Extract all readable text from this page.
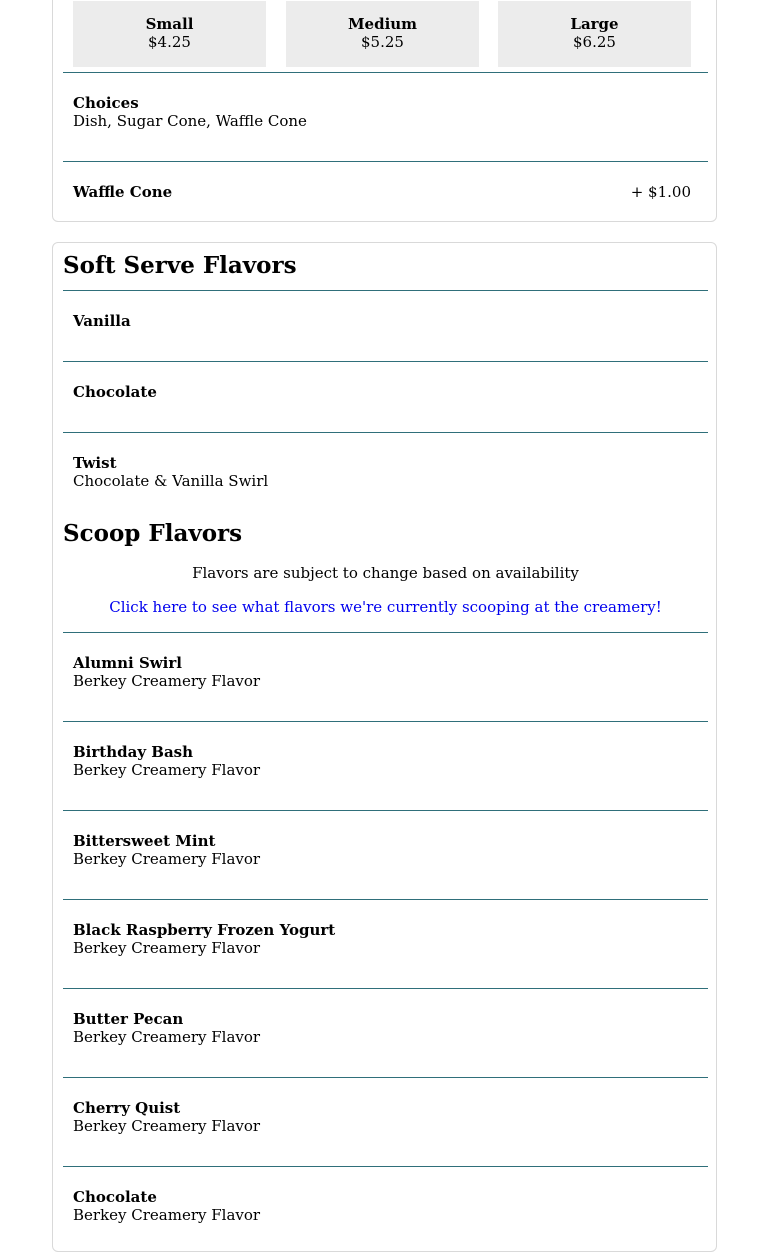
Small
$4.25
Medium
$5.25
Large
$6.25
Choices
Dish, Sugar Cone, Waffle Cone
Waffle Cone	+ $1.00
Soft Serve Flavors
Vanilla
Chocolate
Twist
Chocolate & Vanilla Swirl
Scoop Flavors
Flavors are subject to change based on availability
Click here to see what flavors we're currently scooping at the creamery!
Alumni Swirl
Berkey Creamery Flavor
Birthday Bash
Berkey Creamery Flavor
Bittersweet Mint
Berkey Creamery Flavor
Black Raspberry Frozen Yogurt
Berkey Creamery Flavor
Butter Pecan
Berkey Creamery Flavor
Cherry Quist
Berkey Creamery Flavor
Chocolate
Berkey Creamery Flavor
